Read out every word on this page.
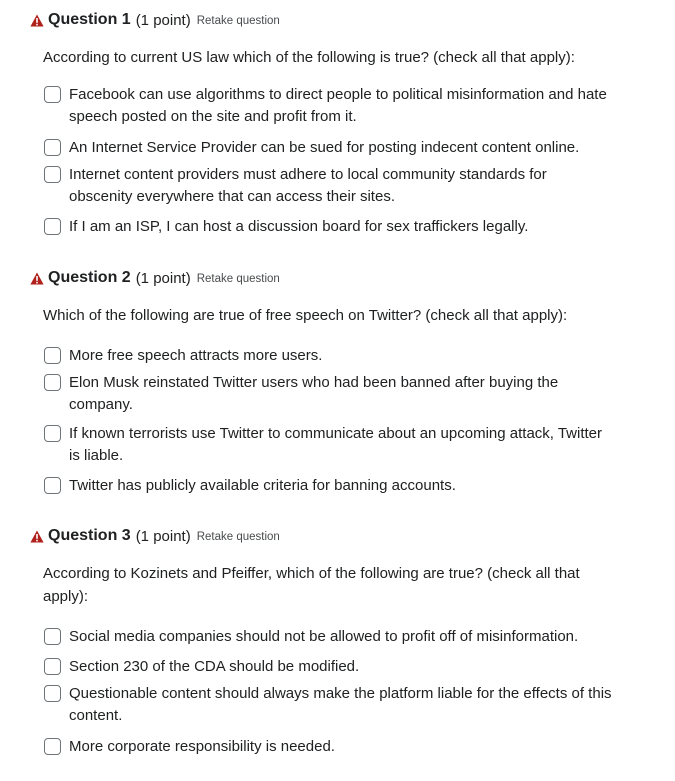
Question 1 (1 point) Retake question
According to current US law which of the following is true? (check all that apply):
Facebook can use algorithms to direct people to political misinformation and hate speech posted on the site and profit from it.
An Internet Service Provider can be sued for posting indecent content online.
Internet content providers must adhere to local community standards for obscenity everywhere that can access their sites.
If I am an ISP, I can host a discussion board for sex traffickers legally.
Question 2 (1 point) Retake question
Which of the following are true of free speech on Twitter? (check all that apply):
More free speech attracts more users.
Elon Musk reinstated Twitter users who had been banned after buying the company.
If known terrorists use Twitter to communicate about an upcoming attack, Twitter is liable.
Twitter has publicly available criteria for banning accounts.
Question 3 (1 point) Retake question
According to Kozinets and Pfeiffer, which of the following are true? (check all that apply):
Social media companies should not be allowed to profit off of misinformation.
Section 230 of the CDA should be modified.
Questionable content should always make the platform liable for the effects of this content.
More corporate responsibility is needed.
